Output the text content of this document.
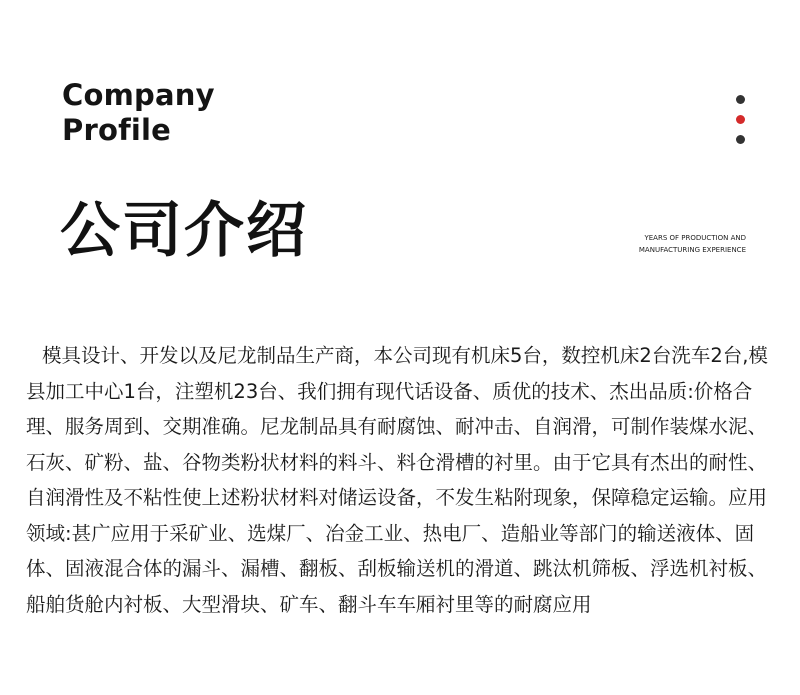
Company
Profile
公司介绍	YEARS OF PRODUCTION AND
MANUFACTURING EXPERIENCE

模具设计、开发以及尼龙制品生产商，本公司现有机床5台，数控机床2台洗车2台,模县加工中心1台，注塑机23台、我们拥有现代话设备、质优的技术、杰出品质:价格合理、服务周到、交期准确。尼龙制品具有耐腐蚀、耐冲击、自润滑，可制作装煤水泥、石灰、矿粉、盐、谷物类粉状材料的料斗、料仓滑槽的衬里。由于它具有杰出的耐性、自润滑性及不粘性使上述粉状材料对储运设备，不发生粘附现象，保障稳定运输。应用领域:甚广应用于采矿业、选煤厂、冶金工业、热电厂、造船业等部门的输送液体、固体、固液混合体的漏斗、漏槽、翻板、刮板输送机的滑道、跳汰机筛板、浮选机衬板、船舶货舱内衬板、大型滑块、矿车、翻斗车车厢衬里等的耐腐应用
